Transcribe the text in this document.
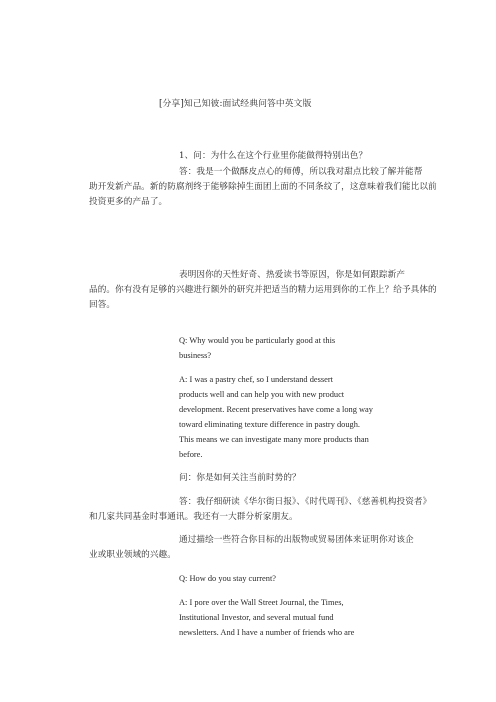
[分享]知己知彼:面试经典问答中英文版

1、问：为什么在这个行业里你能做得特别出色？

答：我是一个做酥皮点心的师傅，所以我对甜点比较了解并能帮

助开发新产品。新的防腐剂终于能够除掉生面团上面的不同条纹了，这意味着我们能比以前

投资更多的产品了。

表明因你的天性好奇、热爱读书等原因，你是如何跟踪新产

品的。你有没有足够的兴趣进行额外的研究并把适当的精力运用到你的工作上？给予具体的

回答。

Q: Why would you be particularly good at this

business?

A: I was a pastry chef, so I understand dessert

products well and can help you with new product

development. Recent preservatives have come a long way

toward eliminating texture difference in pastry dough.

This means we can investigate many more products than

before.

问：你是如何关注当前时势的？

答：我仔细研读《华尔街日报》、《时代周刊》、《慈善机构投资者》

和几家共同基金时事通讯。我还有一大群分析家朋友。

通过描绘一些符合你目标的出版物或贸易团体来证明你对该企

业或职业领域的兴趣。

Q: How do you stay current?

A: I pore over the Wall Street Journal, the Times,

Institutional Investor, and several mutual fund

newsletters. And I have a number of friends who are
